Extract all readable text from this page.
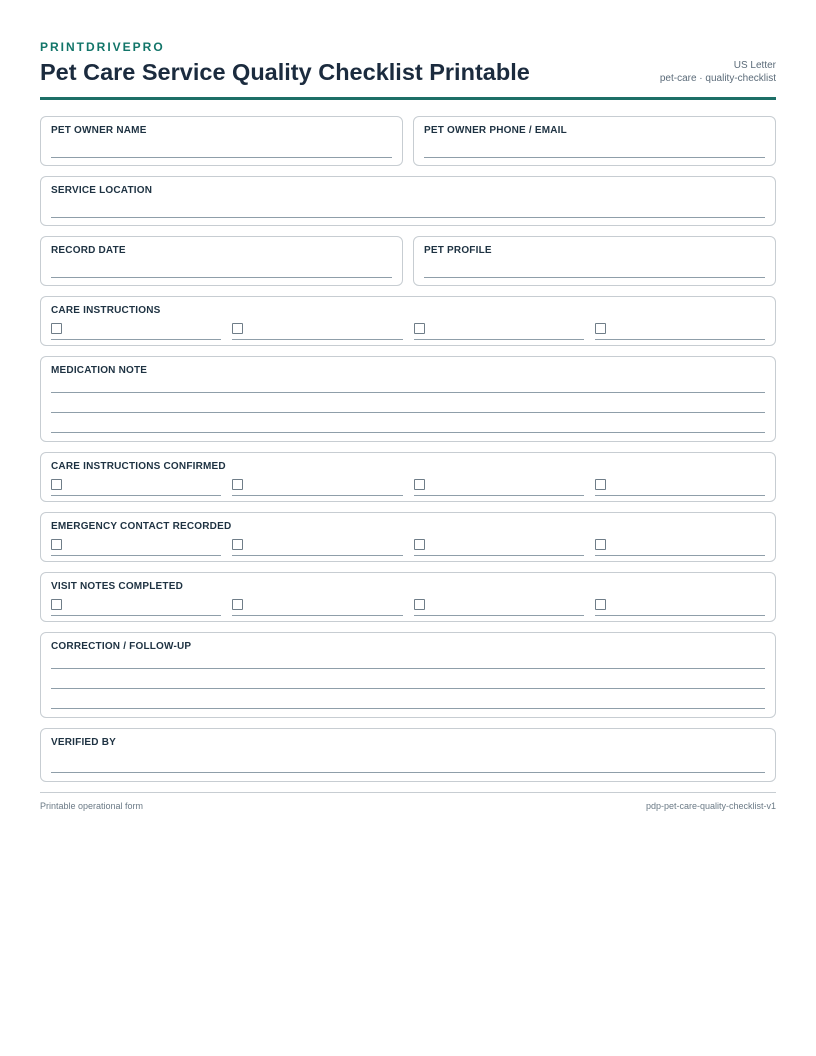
PRINTDRIVEPRO
Pet Care Service Quality Checklist Printable	US Letter
pet-care · quality-checklist
PET OWNER NAME	PET OWNER PHONE / EMAIL
SERVICE LOCATION
RECORD DATE	PET PROFILE
CARE INSTRUCTIONS
MEDICATION NOTE
CARE INSTRUCTIONS CONFIRMED
EMERGENCY CONTACT RECORDED
VISIT NOTES COMPLETED
CORRECTION / FOLLOW-UP
VERIFIED BY
Printable operational form	pdp-pet-care-quality-checklist-v1
